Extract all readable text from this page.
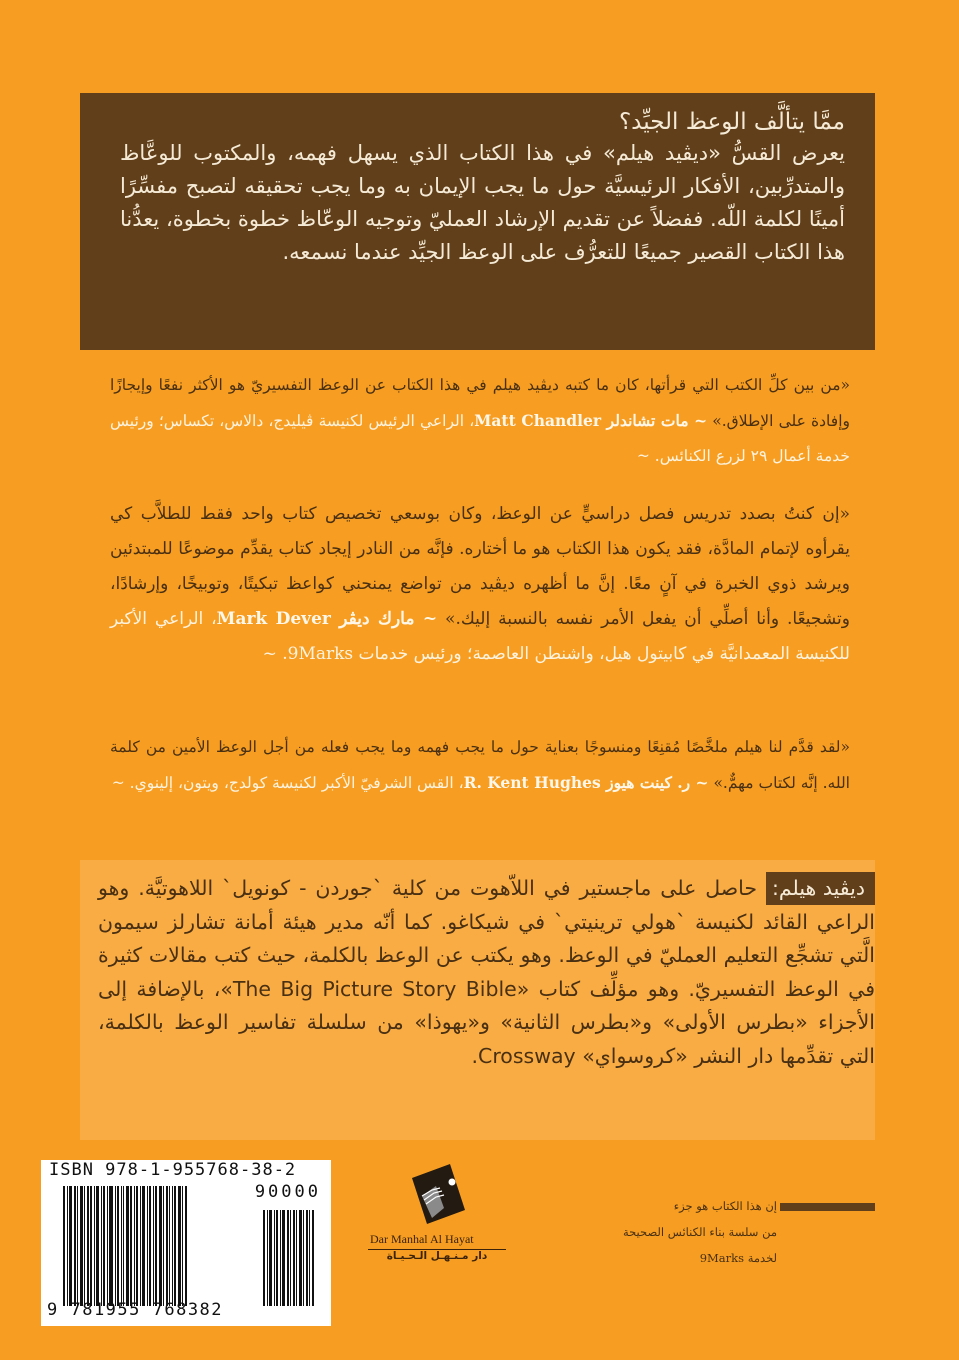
ممَّا يتألَّف الوعظ الجيِّد؟

يعرض القسُّ «ديڤيد هيلم» في هذا الكتاب الذي يسهل فهمه، والمكتوب للوعَّاظ والمتدرِّبين، الأفكار الرئيسيَّة حول ما يجب الإيمان به وما يجب تحقيقه لتصبح مفسِّرًا أمينًا لكلمة اللّه. ففضلاً عن تقديم الإرشاد العمليّ وتوجيه الوعّاظ خطوة بخطوة، يعدُّنا هذا الكتاب القصير جميعًا للتعرُّف على الوعظ الجيِّد عندما نسمعه.

«من بين كلِّ الكتب التي قرأتها، كان ما كتبه ديڤيد هيلم في هذا الكتاب عن الوعظ التفسيريّ هو الأكثر نفعًا وإيجازًا وإفادة على الإطلاق.» ~ مات تشاندلر Matt Chandler، الراعي الرئيس لكنيسة ڤيليدج، دالاس، تكساس؛ ورئيس خدمة أعمال ٢٩ لزرع الكنائس. ~

«إن كنتُ بصدد تدريس فصل دراسيٍّ عن الوعظ، وكان بوسعي تخصيص كتاب واحد فقط للطلاَّب كي يقرأوه لإتمام المادَّة، فقد يكون هذا الكتاب هو ما أختاره. فإنَّه من النادر إيجاد كتاب يقدِّم موضوعًا للمبتدئين ويرشد ذوي الخبرة في آنٍ معًا. إنَّ ما أظهره ديڤيد من تواضع يمنحني كواعظ تبكيتًا، وتوبيخًا، وإرشادًا، وتشجيعًا. وأنا أصلِّي أن يفعل الأمر نفسه بالنسبة إليك.» ~ مارك ديڤر Mark Dever، الراعي الأكبر للكنيسة المعمدانيَّة في كابيتول هيل، واشنطن العاصمة؛ ورئيس خدمات 9Marks. ~

«لقد قدَّم لنا هيلم ملخَّصًا مُقنِعًا ومنسوجًا بعناية حول ما يجب فهمه وما يجب فعله من أجل الوعظ الأمين من كلمة الله. إنَّه لكتاب مهمٌّ.» ~ ر. كينت هيوز R. Kent Hughes، القس الشرفيّ الأكبر لكنيسة كولدج، ويتون، إلينوي. ~

ديڤيد هيلم: حاصل على ماجستير في اللاّهوت من كلية `جوردن - كونويل` اللاهوتيَّة. وهو الراعي القائد لكنيسة `هولي ترينيتي` في شيكاغو. كما أنّه مدير هيئة أمانة تشارلز سيمون الَّتي تشجِّع التعليم العمليّ في الوعظ. وهو يكتب عن الوعظ بالكلمة، حيث كتب مقالات كثيرة في الوعظ التفسيريّ. وهو مؤلِّف كتاب «The Big Picture Story Bible»، بالإضافة إلى الأجزاء «بطرس الأولى» و«بطرس الثانية» و«يهوذا» من سلسلة تفاسير الوعظ بالكلمة، التي تقدِّمها دار النشر «كروسواي» Crossway.

ISBN 978-1-955768-38-2
90000
9 781955 768382
Dar Manhal Al Hayat
دار مـنـهـل الـحـيـاة

إن هذا الكتاب هو جزء

من سلسة بناء الكنائس الصحيحة

لخدمة 9Marks
